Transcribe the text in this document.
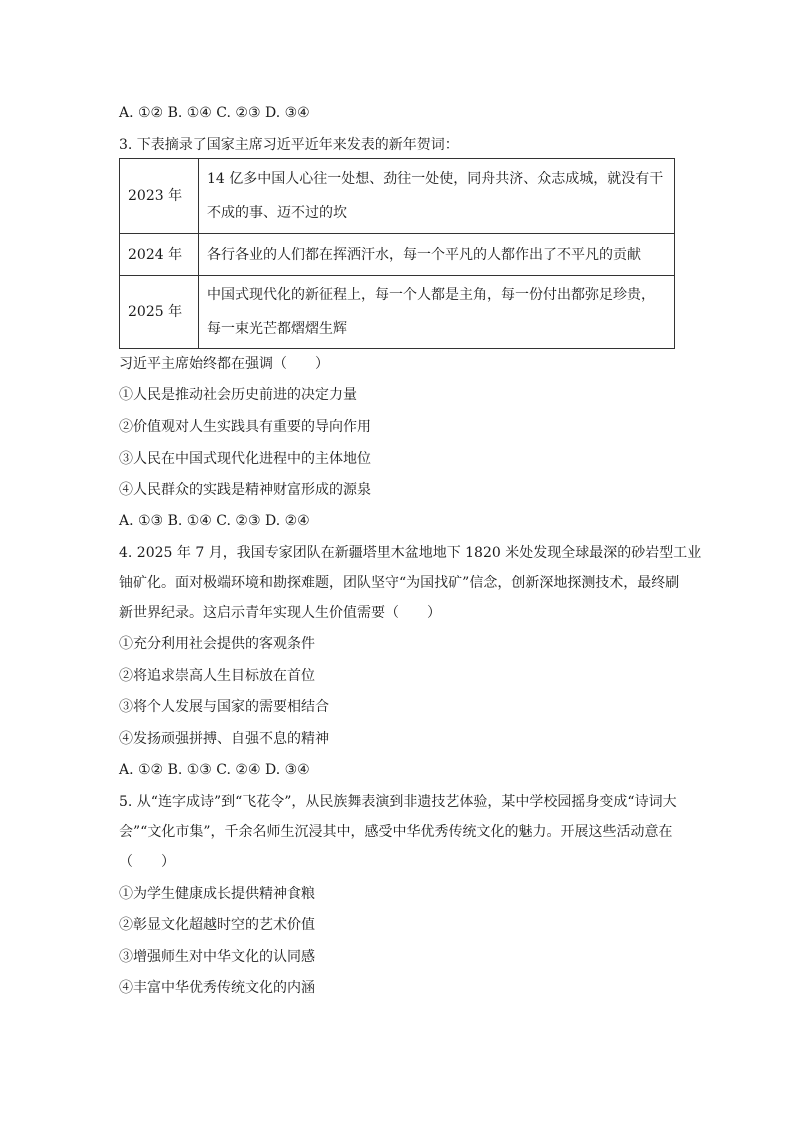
A. ①② B. ①④ C. ②③ D. ③④
3. 下表摘录了国家主席习近平近年来发表的新年贺词：
2023 年	14 亿多中国人心往一处想、劲往一处使，同舟共济、众志成城，就没有干不成的事、迈不过的坎

2024 年	各行各业的人们都在挥洒汗水，每一个平凡的人都作出了不平凡的贡献

2025 年	中国式现代化的新征程上，每一个人都是主角，每一份付出都弥足珍贵，每一束光芒都熠熠生辉
习近平主席始终都在强调（　　）
①人民是推动社会历史前进的决定力量
②价值观对人生实践具有重要的导向作用
③人民在中国式现代化进程中的主体地位
④人民群众的实践是精神财富形成的源泉
A. ①③ B. ①④ C. ②③ D. ②④
4. 2025 年 7 月，我国专家团队在新疆塔里木盆地地下 1820 米处发现全球最深的砂岩型工业
铀矿化。面对极端环境和勘探难题，团队坚守“为国找矿”信念，创新深地探测技术，最终刷
新世界纪录。这启示青年实现人生价值需要（　　）
①充分利用社会提供的客观条件
②将追求崇高人生目标放在首位
③将个人发展与国家的需要相结合
④发扬顽强拼搏、自强不息的精神
A. ①② B. ①③ C. ②④ D. ③④
5. 从“连字成诗”到“飞花令”，从民族舞表演到非遗技艺体验，某中学校园摇身变成“诗词大
会”“文化市集”，千余名师生沉浸其中，感受中华优秀传统文化的魅力。开展这些活动意在
（　　）
①为学生健康成长提供精神食粮
②彰显文化超越时空的艺术价值
③增强师生对中华文化的认同感
④丰富中华优秀传统文化的内涵
